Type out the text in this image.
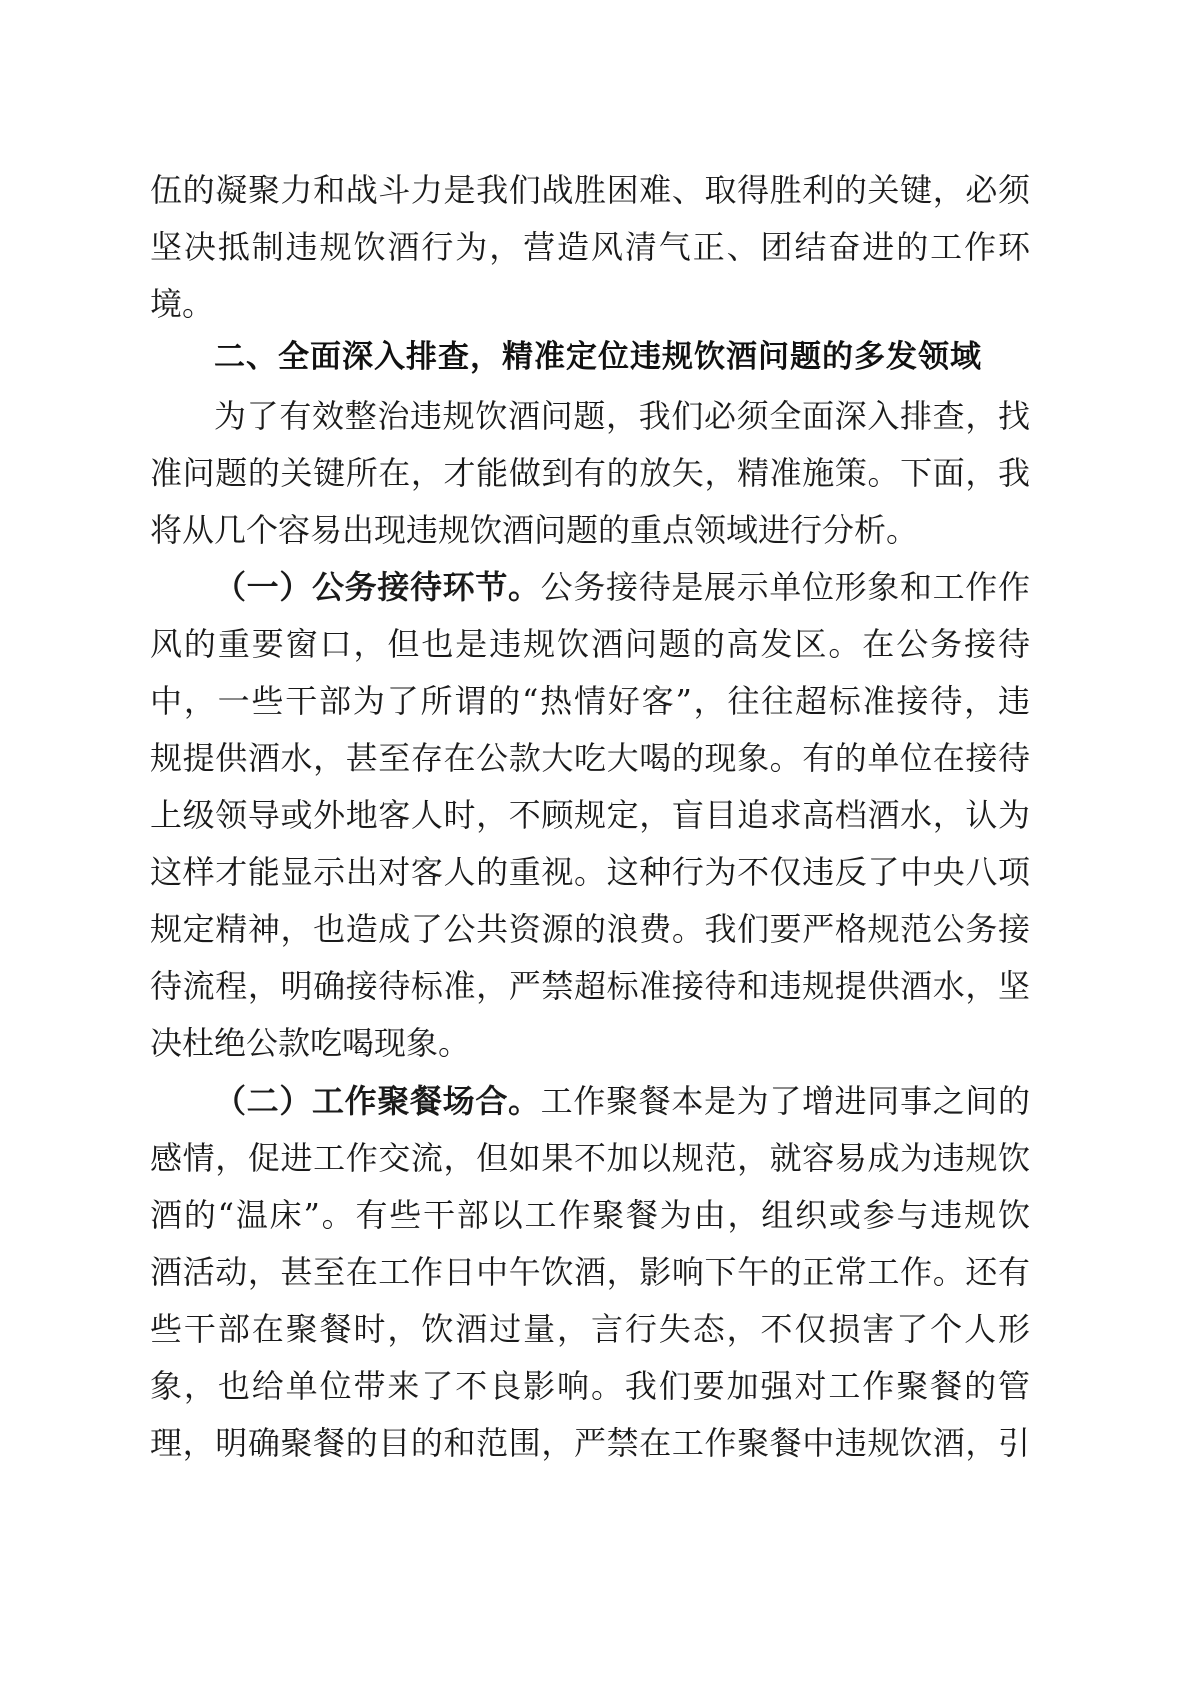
伍的凝聚力和战斗力是我们战胜困难、取得胜利的关键，必须
坚决抵制违规饮酒行为，营造风清气正、团结奋进的工作环
境。
二、全面深入排查，精准定位违规饮酒问题的多发领域
为了有效整治违规饮酒问题，我们必须全面深入排查，找
准问题的关键所在，才能做到有的放矢，精准施策。下面，我
将从几个容易出现违规饮酒问题的重点领域进行分析。
（一）公务接待环节。公务接待是展示单位形象和工作作
风的重要窗口，但也是违规饮酒问题的高发区。在公务接待
中，一些干部为了所谓的“热情好客”，往往超标准接待，违
规提供酒水，甚至存在公款大吃大喝的现象。有的单位在接待
上级领导或外地客人时，不顾规定，盲目追求高档酒水，认为
这样才能显示出对客人的重视。这种行为不仅违反了中央八项
规定精神，也造成了公共资源的浪费。我们要严格规范公务接
待流程，明确接待标准，严禁超标准接待和违规提供酒水，坚
决杜绝公款吃喝现象。
（二）工作聚餐场合。工作聚餐本是为了增进同事之间的
感情，促进工作交流，但如果不加以规范，就容易成为违规饮
酒的“温床”。有些干部以工作聚餐为由，组织或参与违规饮
酒活动，甚至在工作日中午饮酒，影响下午的正常工作。还有
些干部在聚餐时，饮酒过量，言行失态，不仅损害了个人形
象，也给单位带来了不良影响。我们要加强对工作聚餐的管
理，明确聚餐的目的和范围，严禁在工作聚餐中违规饮酒，引
